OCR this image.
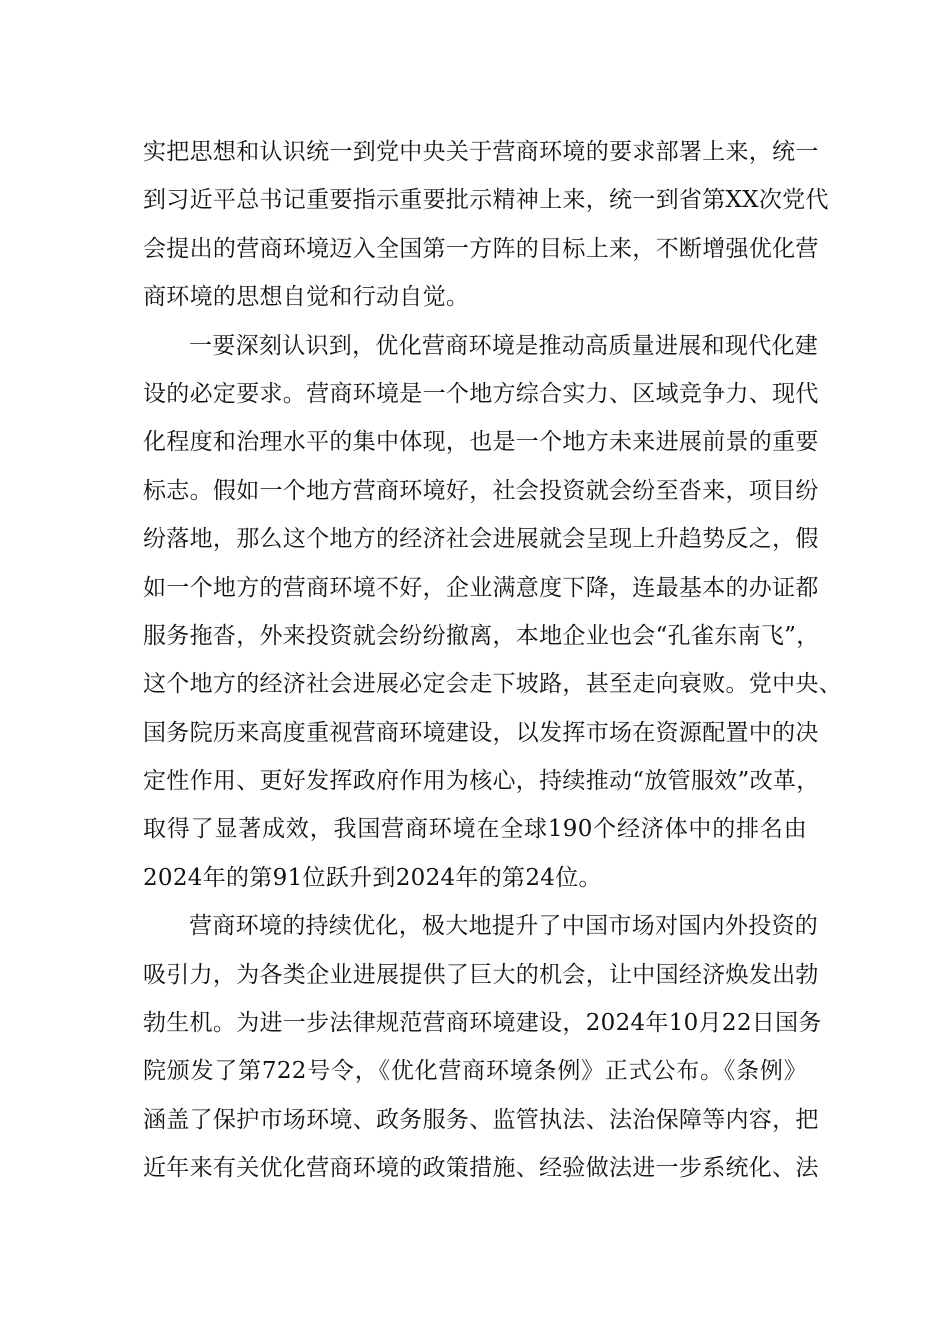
实把思想和认识统一到党中央关于营商环境的要求部署上来，统一
到习近平总书记重要指示重要批示精神上来，统一到省第XX次党代
会提出的营商环境迈入全国第一方阵的目标上来，不断增强优化营
商环境的思想自觉和行动自觉。
一要深刻认识到，优化营商环境是推动高质量进展和现代化建
设的必定要求。营商环境是一个地方综合实力、区域竞争力、现代
化程度和治理水平的集中体现，也是一个地方未来进展前景的重要
标志。假如一个地方营商环境好，社会投资就会纷至沓来，项目纷
纷落地，那么这个地方的经济社会进展就会呈现上升趋势反之，假
如一个地方的营商环境不好，企业满意度下降，连最基本的办证都
服务拖沓，外来投资就会纷纷撤离，本地企业也会“孔雀东南飞”，
这个地方的经济社会进展必定会走下坡路，甚至走向衰败。党中央、
国务院历来高度重视营商环境建设，以发挥市场在资源配置中的决
定性作用、更好发挥政府作用为核心，持续推动“放管服效”改革，
取得了显著成效，我国营商环境在全球190个经济体中的排名由
2024年的第91位跃升到2024年的第24位。
营商环境的持续优化，极大地提升了中国市场对国内外投资的
吸引力，为各类企业进展提供了巨大的机会，让中国经济焕发出勃
勃生机。为进一步法律规范营商环境建设，2024年10月22日国务
院颁发了第722号令，《优化营商环境条例》正式公布。《条例》
涵盖了保护市场环境、政务服务、监管执法、法治保障等内容，把
近年来有关优化营商环境的政策措施、经验做法进一步系统化、法
